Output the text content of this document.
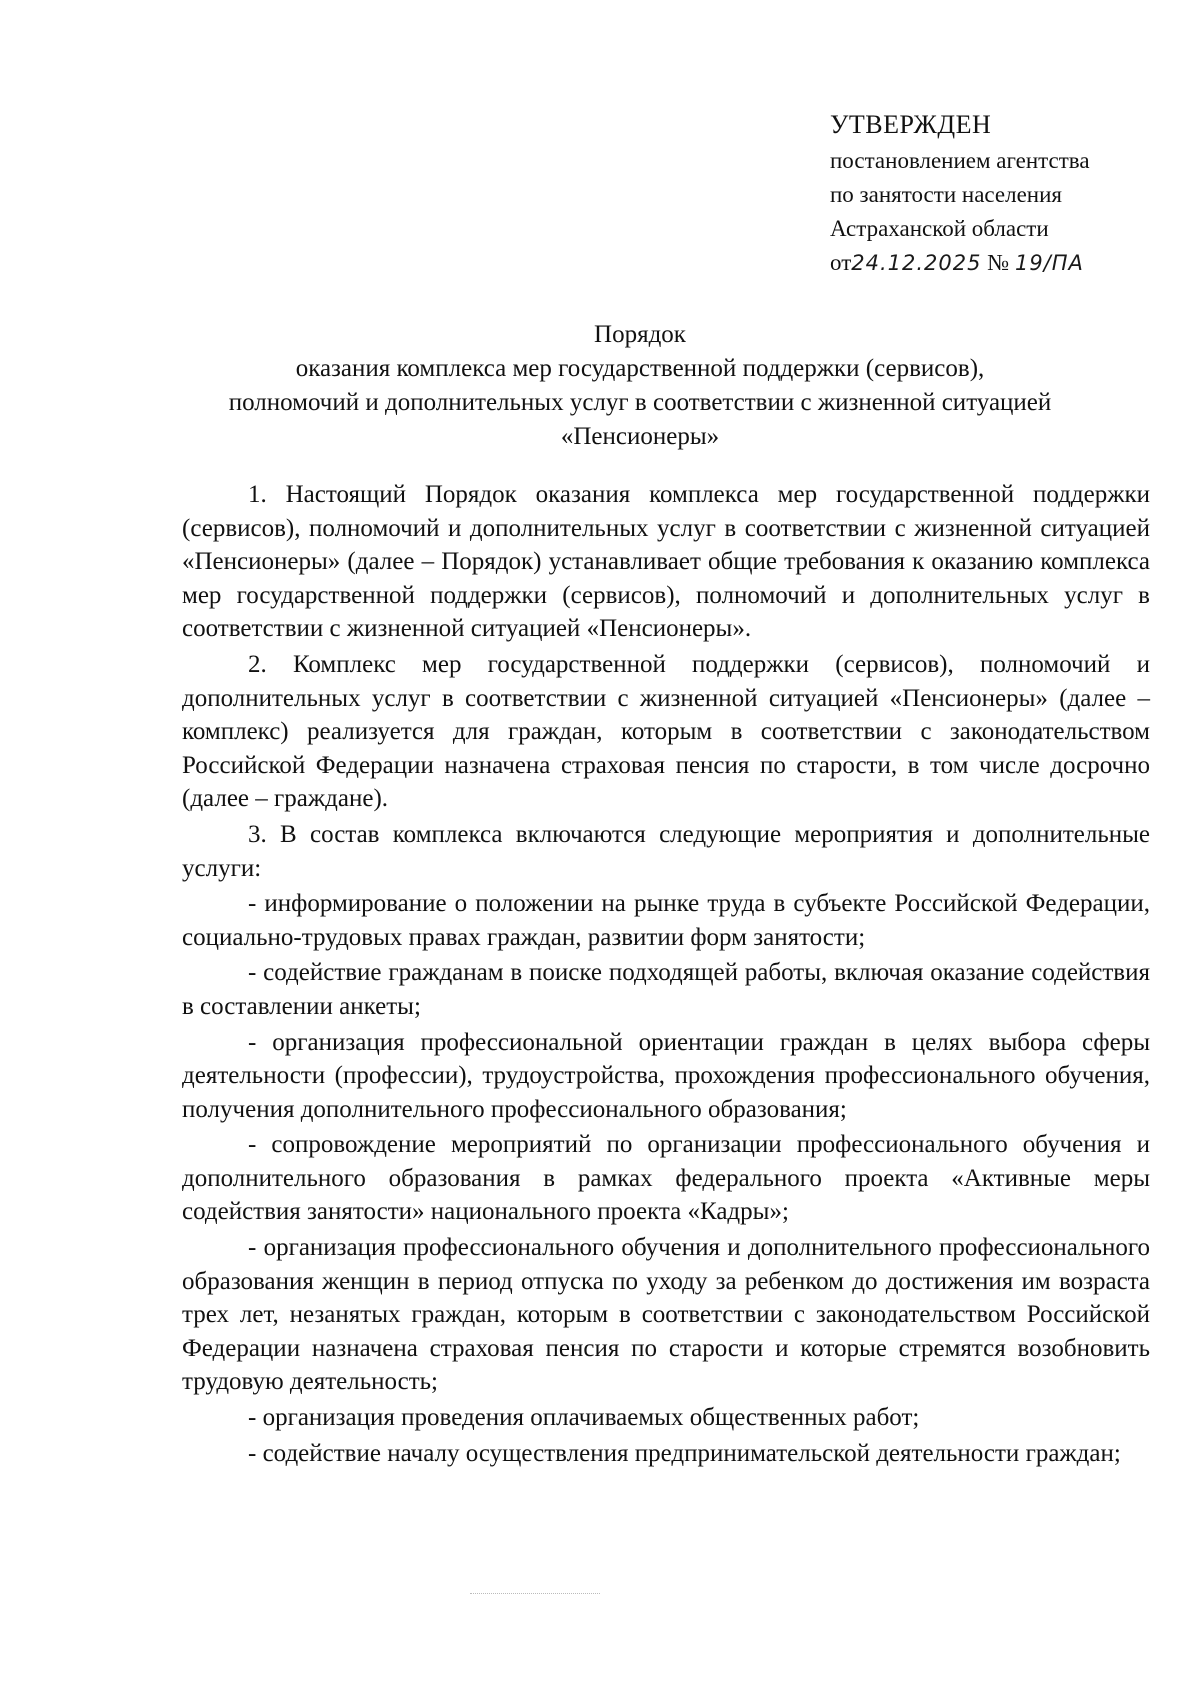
УТВЕРЖДЕН
постановлением агентства
по занятости населения
Астраханской области
от24.12.2025 № 19/ПА
Порядок
оказания комплекса мер государственной поддержки (сервисов),
полномочий и дополнительных услуг в соответствии с жизненной ситуацией
«Пенсионеры»

1. Настоящий Порядок оказания комплекса мер государственной поддержки (сервисов), полномочий и дополнительных услуг в соответствии с жизненной ситуацией «Пенсионеры» (далее – Порядок) устанавливает общие требования к оказанию комплекса мер государственной поддержки (сервисов), полномочий и дополнительных услуг в соответствии с жизненной ситуацией «Пенсионеры».

2. Комплекс мер государственной поддержки (сервисов), полномочий и дополнительных услуг в соответствии с жизненной ситуацией «Пенсионеры» (далее – комплекс) реализуется для граждан, которым в соответствии с законодательством Российской Федерации назначена страховая пенсия по старости, в том числе досрочно (далее – граждане).

3. В состав комплекса включаются следующие мероприятия и дополнительные услуги:

- информирование о положении на рынке труда в субъекте Российской Федерации, социально-трудовых правах граждан, развитии форм занятости;

- содействие гражданам в поиске подходящей работы, включая оказание содействия в составлении анкеты;

- организация профессиональной ориентации граждан в целях выбора сферы деятельности (профессии), трудоустройства, прохождения профессионального обучения, получения дополнительного профессионального образования;

- сопровождение мероприятий по организации профессионального обучения и дополнительного образования в рамках федерального проекта «Активные меры содействия занятости» национального проекта «Кадры»;

- организация профессионального обучения и дополнительного профессионального образования женщин в период отпуска по уходу за ребенком до достижения им возраста трех лет, незанятых граждан, которым в соответствии с законодательством Российской Федерации назначена страховая пенсия по старости и которые стремятся возобновить трудовую деятельность;

- организация проведения оплачиваемых общественных работ;

- содействие началу осуществления предпринимательской деятельности граждан;
